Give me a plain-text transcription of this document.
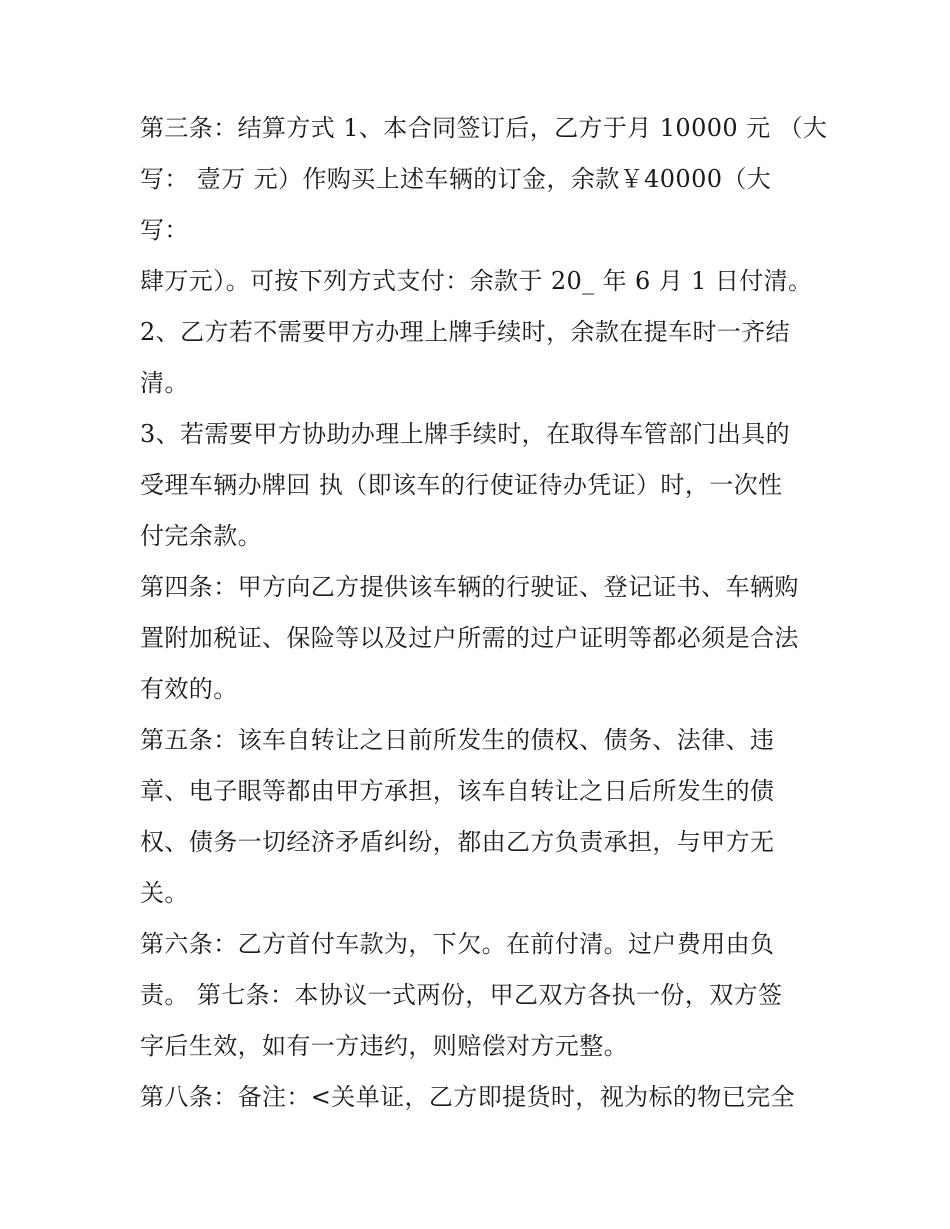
第三条：结算方式 1、本合同签订后，乙方于月 10000 元 （大
写： 壹万 元）作购买上述车辆的订金，余款￥40000（大
写：
肆万元）。可按下列方式支付：余款于 20_ 年 6 月 1 日付清。
2、乙方若不需要甲方办理上牌手续时，余款在提车时一齐结
清。
3、若需要甲方协助办理上牌手续时，在取得车管部门出具的
受理车辆办牌回 执（即该车的行使证待办凭证）时，一次性
付完余款。
第四条：甲方向乙方提供该车辆的行驶证、登记证书、车辆购
置附加税证、保险等以及过户所需的过户证明等都必须是合法
有效的。
第五条：该车自转让之日前所发生的债权、债务、法律、违
章、电子眼等都由甲方承担，该车自转让之日后所发生的债
权、债务一切经济矛盾纠纷，都由乙方负责承担，与甲方无
关。
第六条：乙方首付车款为，下欠。在前付清。过户费用由负
责。 第七条：本协议一式两份，甲乙双方各执一份，双方签
字后生效，如有一方违约，则赔偿对方元整。
第八条：备注：<关单证，乙方即提货时，视为标的物已完全
